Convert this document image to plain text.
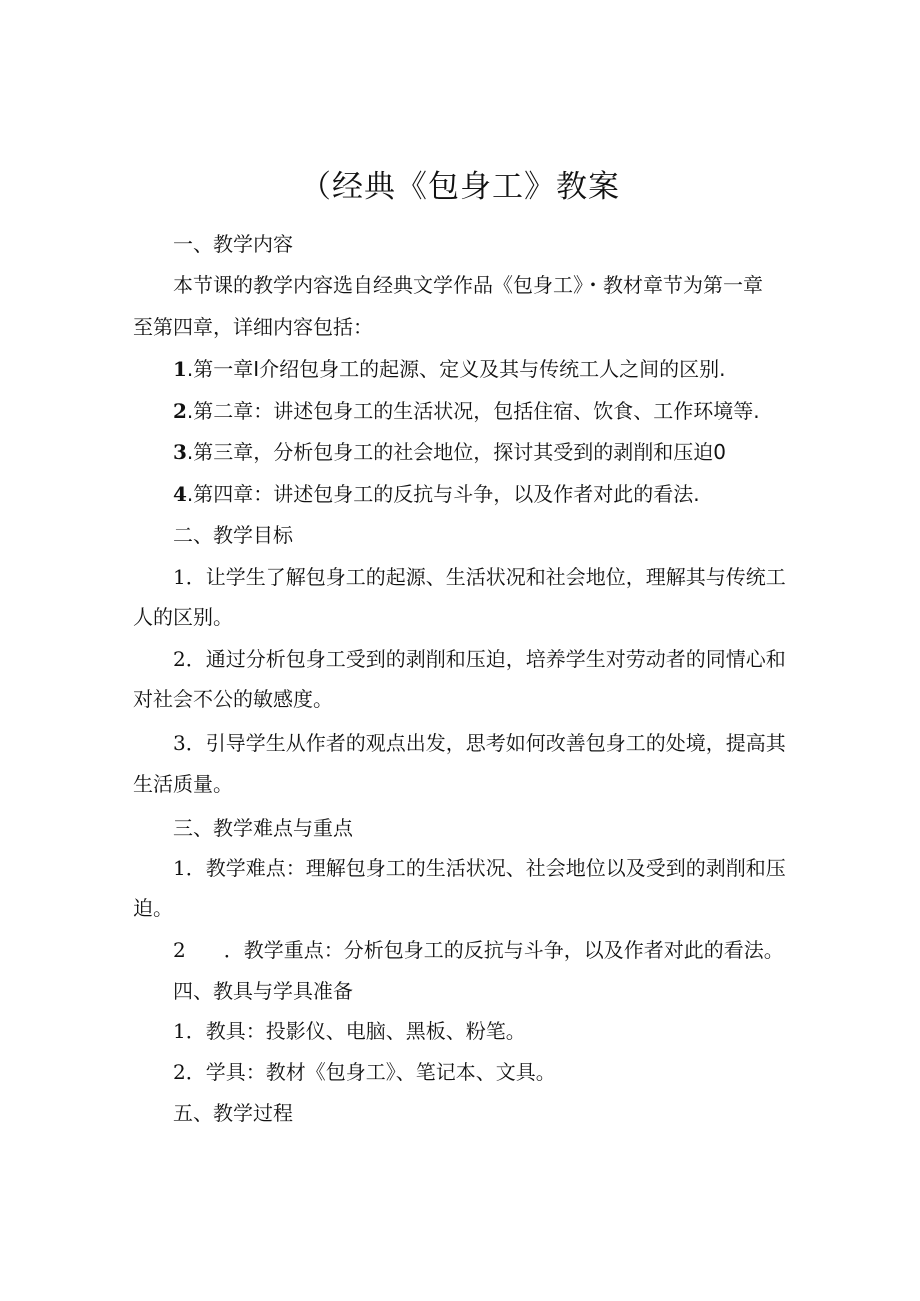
（经典《包身工》教案
一、教学内容
本节课的教学内容选自经典文学作品《包身工》・教材章节为第一章
至第四章，详细内容包括：
1.第一章I介绍包身工的起源、定义及其与传统工人之间的区别.
2.第二章：讲述包身工的生活状况，包括住宿、饮食、工作环境等.
3.第三章，分析包身工的社会地位，探讨其受到的剥削和压迫0
4.第四章：讲述包身工的反抗与斗争，以及作者对此的看法.
二、教学目标
1．让学生了解包身工的起源、生活状况和社会地位，理解其与传统工
人的区别。
2．通过分析包身工受到的剥削和压迫，培养学生对劳动者的同情心和
对社会不公的敏感度。
3．引导学生从作者的观点出发，思考如何改善包身工的处境，提高其
生活质量。
三、教学难点与重点
1．教学难点：理解包身工的生活状况、社会地位以及受到的剥削和压
迫。
2 ．教学重点：分析包身工的反抗与斗争，以及作者对此的看法。
四、教具与学具准备
1．教具：投影仪、电脑、黑板、粉笔。
2．学具：教材《包身工》、笔记本、文具。
五、教学过程
